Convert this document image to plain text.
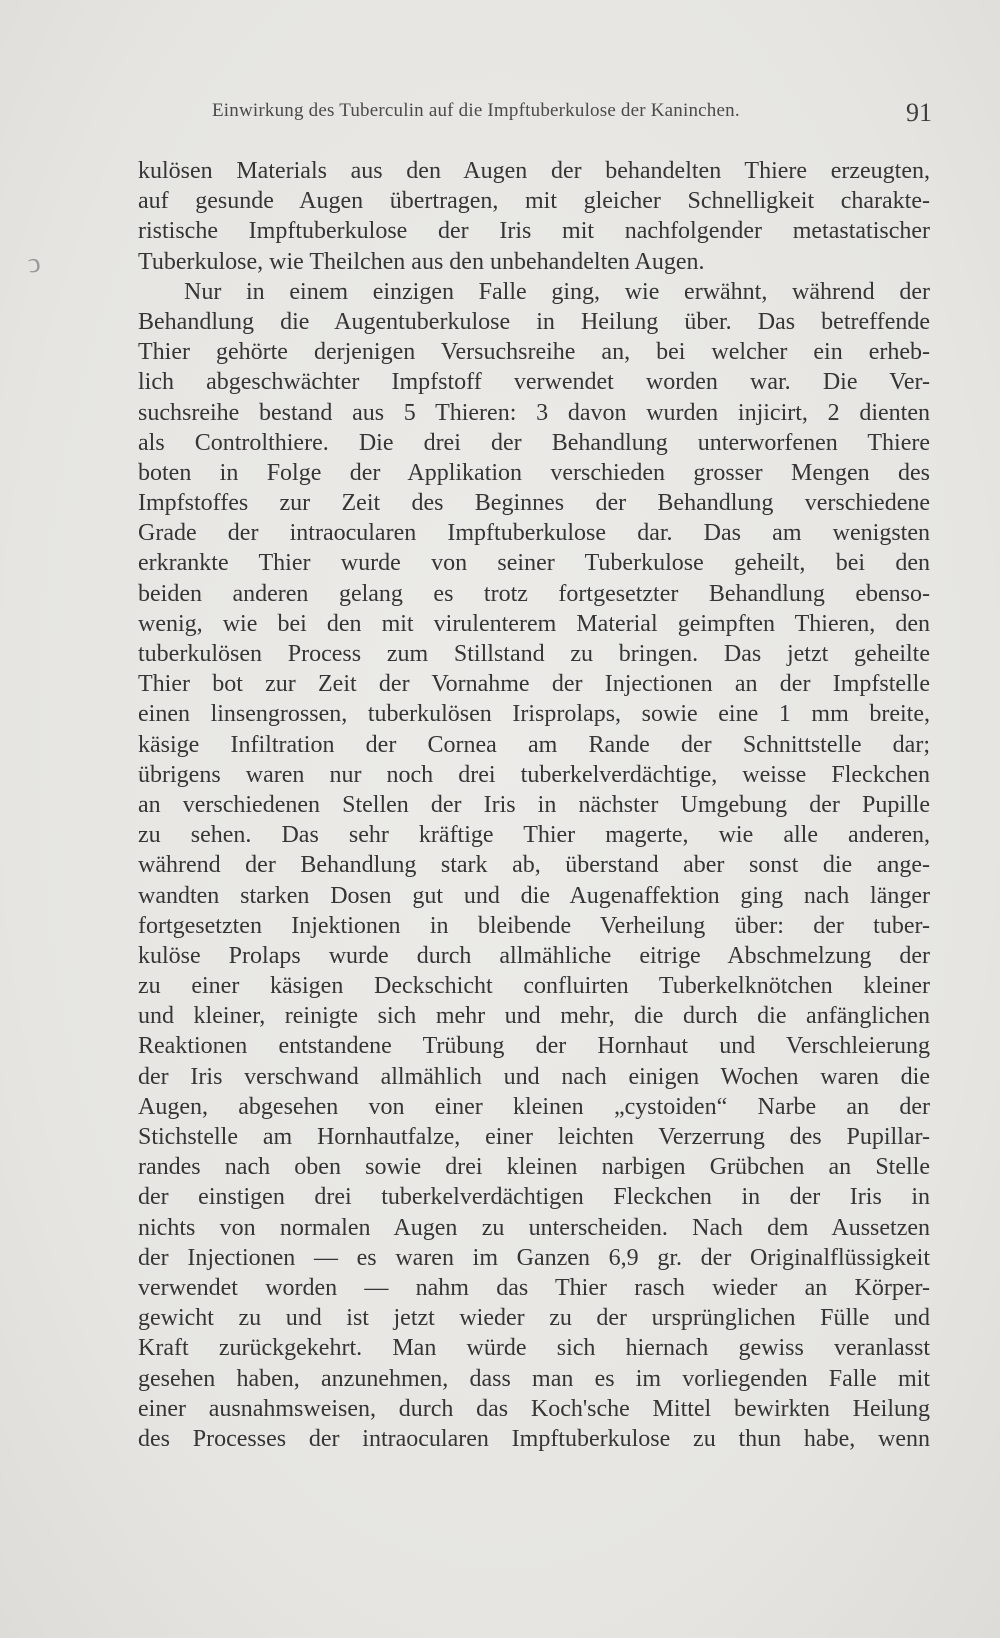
Einwirkung des Tuberculin auf die Impftuberkulose der Kaninchen.	91
ↄ
kulösen Materials aus den Augen der behandelten Thiere erzeugten,
auf gesunde Augen übertragen, mit gleicher Schnelligkeit charakte-
ristische Impftuberkulose der Iris mit nachfolgender metastatischer
Tuberkulose, wie Theilchen aus den unbehandelten Augen.
Nur in einem einzigen Falle ging, wie erwähnt, während der
Behandlung die Augentuberkulose in Heilung über. Das betreffende
Thier gehörte derjenigen Versuchsreihe an, bei welcher ein erheb-
lich abgeschwächter Impfstoff verwendet worden war. Die Ver-
suchsreihe bestand aus 5 Thieren: 3 davon wurden injicirt, 2 dienten
als Controlthiere. Die drei der Behandlung unterworfenen Thiere
boten in Folge der Applikation verschieden grosser Mengen des
Impfstoffes zur Zeit des Beginnes der Behandlung verschiedene
Grade der intraocularen Impftuberkulose dar. Das am wenigsten
erkrankte Thier wurde von seiner Tuberkulose geheilt, bei den
beiden anderen gelang es trotz fortgesetzter Behandlung ebenso-
wenig, wie bei den mit virulenterem Material geimpften Thieren, den
tuberkulösen Process zum Stillstand zu bringen. Das jetzt geheilte
Thier bot zur Zeit der Vornahme der Injectionen an der Impfstelle
einen linsengrossen, tuberkulösen Irisprolaps, sowie eine 1 mm breite,
käsige Infiltration der Cornea am Rande der Schnittstelle dar;
übrigens waren nur noch drei tuberkelverdächtige, weisse Fleckchen
an verschiedenen Stellen der Iris in nächster Umgebung der Pupille
zu sehen. Das sehr kräftige Thier magerte, wie alle anderen,
während der Behandlung stark ab, überstand aber sonst die ange-
wandten starken Dosen gut und die Augenaffektion ging nach länger
fortgesetzten Injektionen in bleibende Verheilung über: der tuber-
kulöse Prolaps wurde durch allmähliche eitrige Abschmelzung der
zu einer käsigen Deckschicht confluirten Tuberkelknötchen kleiner
und kleiner, reinigte sich mehr und mehr, die durch die anfänglichen
Reaktionen entstandene Trübung der Hornhaut und Verschleierung
der Iris verschwand allmählich und nach einigen Wochen waren die
Augen, abgesehen von einer kleinen „cystoiden“ Narbe an der
Stichstelle am Hornhautfalze, einer leichten Verzerrung des Pupillar-
randes nach oben sowie drei kleinen narbigen Grübchen an Stelle
der einstigen drei tuberkelverdächtigen Fleckchen in der Iris in
nichts von normalen Augen zu unterscheiden. Nach dem Aussetzen
der Injectionen — es waren im Ganzen 6,9 gr. der Originalflüssigkeit
verwendet worden — nahm das Thier rasch wieder an Körper-
gewicht zu und ist jetzt wieder zu der ursprünglichen Fülle und
Kraft zurückgekehrt. Man würde sich hiernach gewiss veranlasst
gesehen haben, anzunehmen, dass man es im vorliegenden Falle mit
einer ausnahmsweisen, durch das Koch'sche Mittel bewirkten Heilung
des Processes der intraocularen Impftuberkulose zu thun habe, wenn
